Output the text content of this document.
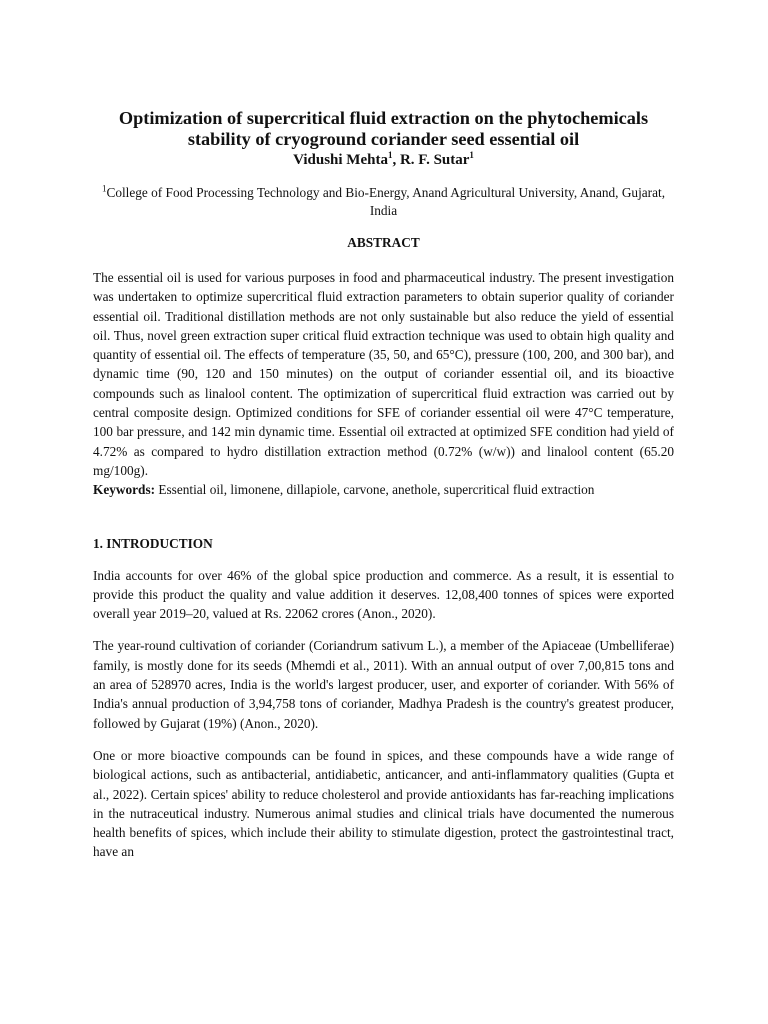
Optimization of supercritical fluid extraction on the phytochemicals stability of cryoground coriander seed essential oil

Vidushi Mehta$^1$, R. F. Sutar$^1$

$^1$College of Food Processing Technology and Bio-Energy, Anand Agricultural University, Anand, Gujarat, India

ABSTRACT

The essential oil is used for various purposes in food and pharmaceutical industry. The present investigation was undertaken to optimize supercritical fluid extraction parameters to obtain superior quality of coriander essential oil. Traditional distillation methods are not only sustainable but also reduce the yield of essential oil. Thus, novel green extraction super critical fluid extraction technique was used to obtain high quality and quantity of essential oil. The effects of temperature (35, 50, and 65°C), pressure (100, 200, and 300 bar), and dynamic time (90, 120 and 150 minutes) on the output of coriander essential oil, and its bioactive compounds such as linalool content. The optimization of supercritical fluid extraction was carried out by central composite design. Optimized conditions for SFE of coriander essential oil were 47°C temperature, 100 bar pressure, and 142 min dynamic time. Essential oil extracted at optimized SFE condition had yield of 4.72% as compared to hydro distillation extraction method (0.72% (w/w)) and linalool content (65.20 mg/100g).

Keywords: Essential oil, limonene, dillapiole, carvone, anethole, supercritical fluid extraction

1. INTRODUCTION

India accounts for over 46% of the global spice production and commerce. As a result, it is essential to provide this product the quality and value addition it deserves. 12,08,400 tonnes of spices were exported overall year 2019–20, valued at Rs. 22062 crores (Anon., 2020).

The year-round cultivation of coriander (Coriandrum sativum L.), a member of the Apiaceae (Umbelliferae) family, is mostly done for its seeds (Mhemdi et al., 2011). With an annual output of over 7,00,815 tons and an area of 528970 acres, India is the world's largest producer, user, and exporter of coriander. With 56% of India's annual production of 3,94,758 tons of coriander, Madhya Pradesh is the country's greatest producer, followed by Gujarat (19%) (Anon., 2020).

One or more bioactive compounds can be found in spices, and these compounds have a wide range of biological actions, such as antibacterial, antidiabetic, anticancer, and anti-inflammatory qualities (Gupta et al., 2022). Certain spices' ability to reduce cholesterol and provide antioxidants has far-reaching implications in the nutraceutical industry. Numerous animal studies and clinical trials have documented the numerous health benefits of spices, which include their ability to stimulate digestion, protect the gastrointestinal tract, have an
